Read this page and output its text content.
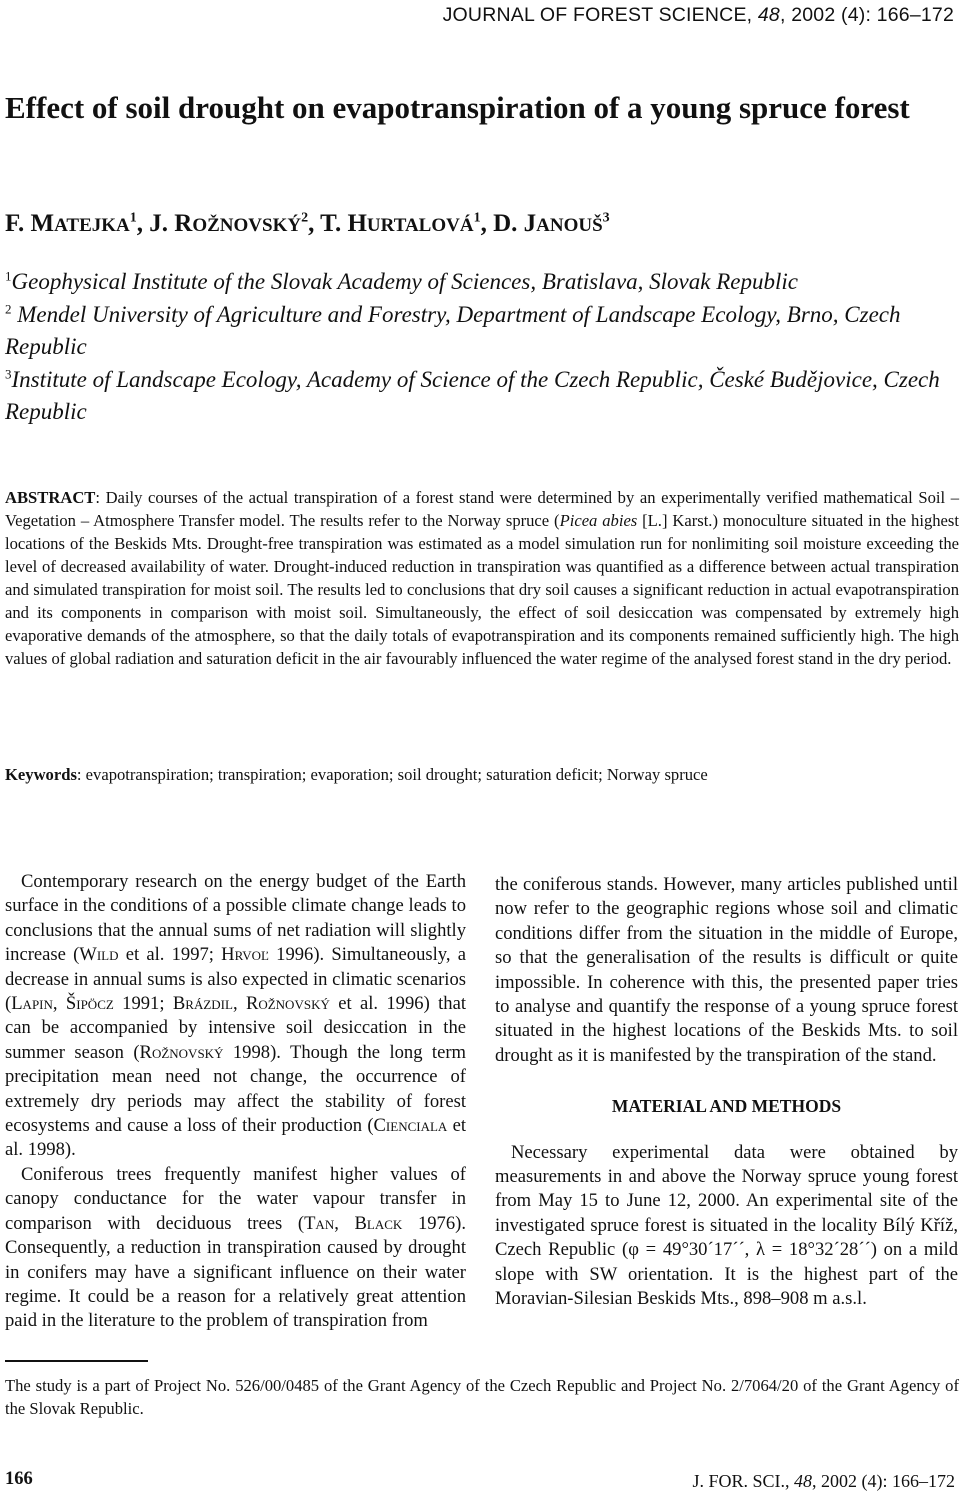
JOURNAL OF FOREST SCIENCE, 48, 2002 (4): 166–172
Effect of soil drought on evapotranspiration of a young spruce forest
F. MATEJKA$^1$, J. ROŽNOVSKÝ$^2$, T. HURTALOVÁ$^1$, D. JANOUŠ$^3$
$^1$Geophysical Institute of the Slovak Academy of Sciences, Bratislava, Slovak Republic
$^2$ Mendel University of Agriculture and Forestry, Department of Landscape Ecology, Brno, Czech Republic
$^3$Institute of Landscape Ecology, Academy of Science of the Czech Republic, České Budějovice, Czech Republic

ABSTRACT: Daily courses of the actual transpiration of a forest stand were determined by an experimentally verified mathematical Soil – Vegetation – Atmosphere Transfer model. The results refer to the Norway spruce (Picea abies [L.] Karst.) monoculture situated in the highest locations of the Beskids Mts. Drought-free transpiration was estimated as a model simulation run for nonlimiting soil moisture exceeding the level of decreased availability of water. Drought-induced reduction in transpiration was quantified as a difference between actual transpiration and simulated transpiration for moist soil. The results led to conclusions that dry soil causes a significant reduction in actual evapotranspiration and its components in comparison with moist soil. Simultaneously, the effect of soil desiccation was compensated by extremely high evaporative demands of the atmosphere, so that the daily totals of evapotranspiration and its components remained sufficiently high. The high values of global radiation and saturation deficit in the air favourably influenced the water regime of the analysed forest stand in the dry period.

Keywords: evapotranspiration; transpiration; evaporation; soil drought; saturation deficit; Norway spruce

Contemporary research on the energy budget of the Earth surface in the conditions of a possible climate change leads to conclusions that the annual sums of net radiation will slightly increase (Wild et al. 1997; Hrvoľ 1996). Simultaneously, a decrease in annual sums is also expected in climatic scenarios (Lapin, Šipöcz 1991; Brázdil, Rožnovský et al. 1996) that can be accompanied by intensive soil desiccation in the summer season (Rožnovský 1998). Though the long term precipitation mean need not change, the occurrence of extremely dry periods may affect the stability of forest ecosystems and cause a loss of their production (Cienciala et al. 1998).

Coniferous trees frequently manifest higher values of canopy conductance for the water vapour transfer in comparison with deciduous trees (Tan, Black 1976). Consequently, a reduction in transpiration caused by drought in conifers may have a significant influence on their water regime. It could be a reason for a relatively great attention paid in the literature to the problem of transpiration from

the coniferous stands. However, many articles published until now refer to the geographic regions whose soil and climatic conditions differ from the situation in the middle of Europe, so that the generalisation of the results is difficult or quite impossible. In coherence with this, the presented paper tries to analyse and quantify the response of a young spruce forest situated in the highest locations of the Beskids Mts. to soil drought as it is manifested by the transpiration of the stand.

MATERIAL AND METHODS

Necessary experimental data were obtained by measurements in and above the Norway spruce young forest from May 15 to June 12, 2000. An experimental site of the investigated spruce forest is situated in the locality Bílý Kříž, Czech Republic (φ = 49°30´17´´, λ = 18°32´28´´) on a mild slope with SW orientation. It is the highest part of the Moravian-Silesian Beskids Mts., 898–908 m a.s.l.

The study is a part of Project No. 526/00/0485 of the Grant Agency of the Czech Republic and Project No. 2/7064/20 of the Grant Agency of the Slovak Republic.
166	J. FOR. SCI., 48, 2002 (4): 166–172
